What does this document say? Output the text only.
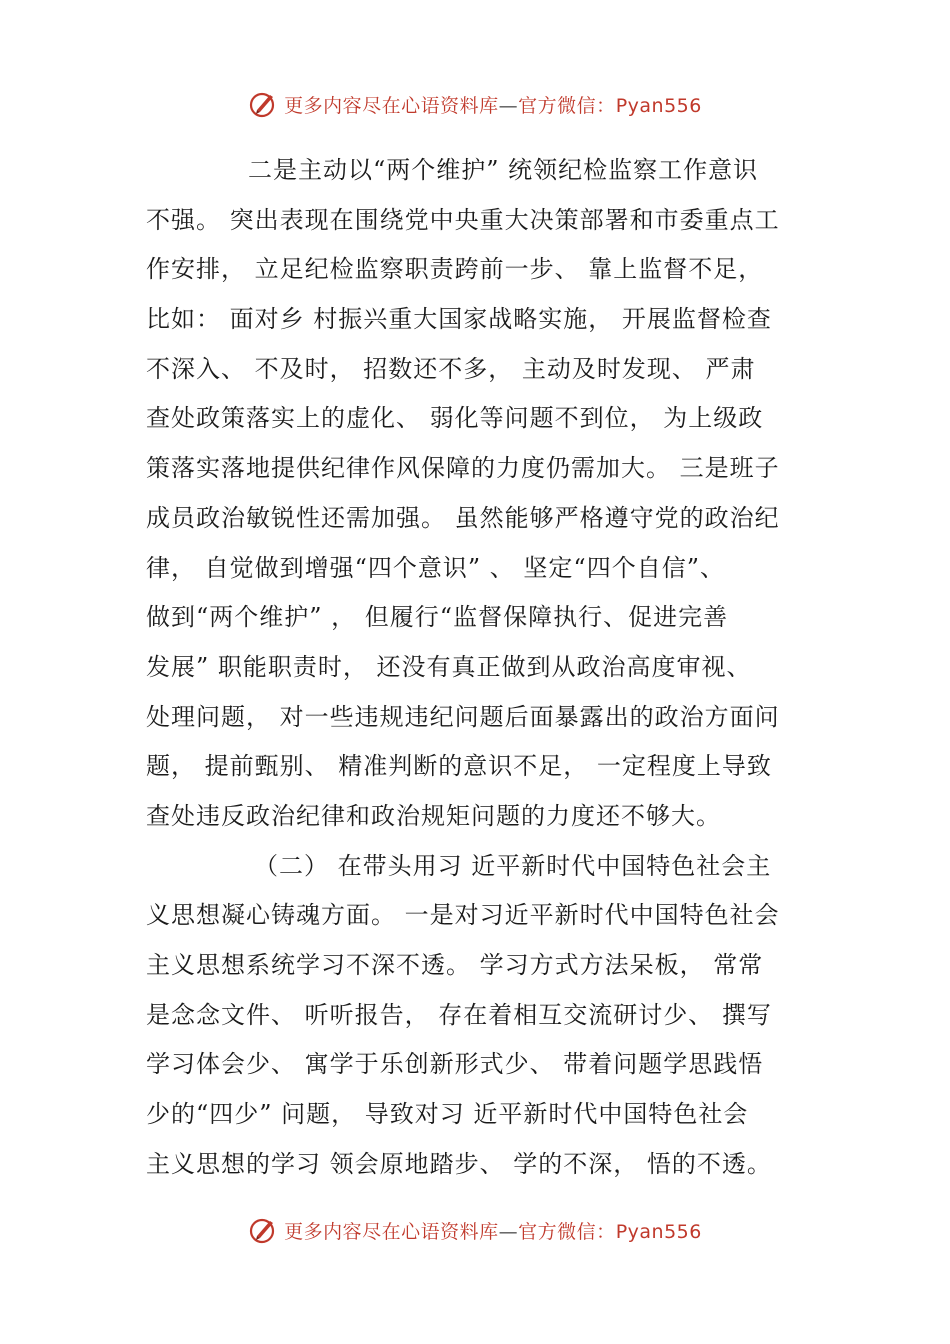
更多内容尽在心语资料库—官方微信：Pyan556
二是主动以“两个维护” 统领纪检监察工作意识
不强。 突出表现在围绕党中央重大决策部署和市委重点工
作安排， 立足纪检监察职责跨前一步、 靠上监督不足，
比如： 面对乡 村振兴重大国家战略实施， 开展监督检查
不深入、 不及时， 招数还不多， 主动及时发现、 严肃
查处政策落实上的虚化、 弱化等问题不到位， 为上级政
策落实落地提供纪律作风保障的力度仍需加大。 三是班子
成员政治敏锐性还需加强。 虽然能够严格遵守党的政治纪
律， 自觉做到增强“四个意识” 、 坚定“四个自信”、
做到“两个维护” ， 但履行“监督保障执行、促进完善
发展” 职能职责时， 还没有真正做到从政治高度审视、
处理问题， 对一些违规违纪问题后面暴露出的政治方面问
题， 提前甄别、 精准判断的意识不足， 一定程度上导致
查处违反政治纪律和政治规矩问题的力度还不够大。
（二） 在带头用习 近平新时代中国特色社会主
义思想凝心铸魂方面。 一是对习近平新时代中国特色社会
主义思想系统学习不深不透。 学习方式方法呆板， 常常
是念念文件、 听听报告， 存在着相互交流研讨少、 撰写
学习体会少、 寓学于乐创新形式少、 带着问题学思践悟
少的“四少” 问题， 导致对习 近平新时代中国特色社会
主义思想的学习 领会原地踏步、 学的不深， 悟的不透。
更多内容尽在心语资料库—官方微信：Pyan556
